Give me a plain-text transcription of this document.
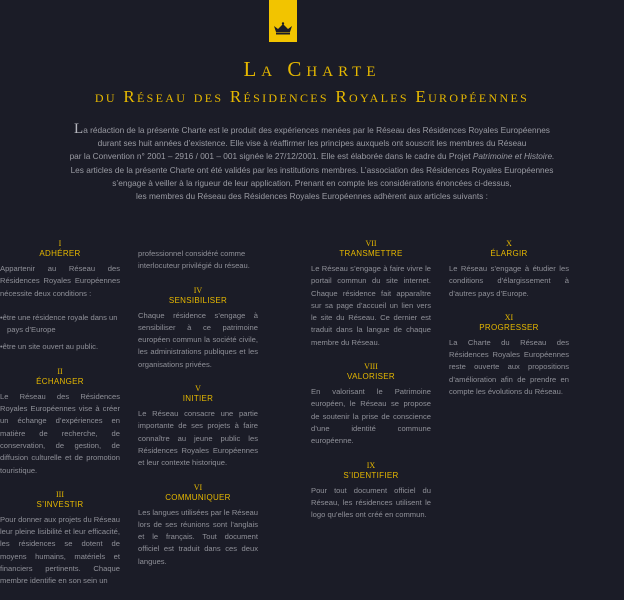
La Charte
du Réseau des Résidences Royales Européennes

La rédaction de la présente Charte est le produit des expériences menées par le Réseau des Résidences Royales Européennes
durant ses huit années d’existence. Elle vise à réaffirmer les principes auxquels ont souscrit les membres du Réseau
par la Convention n° 2001 – 2916 / 001 – 001 signée le 27/12/2001. Elle est élaborée dans le cadre du Projet Patrimoine et Histoire.
Les articles de la présente Charte ont été validés par les institutions membres. L’association des Résidences Royales Européennes
s’engage à veiller à la rigueur de leur application. Prenant en compte les considérations énoncées ci-dessus,
les membres du Réseau des Résidences Royales Européennes adhèrent aux articles suivants :

I
ADHÉRER

Appartenir au Réseau des Résidences Royales Européennes nécessite deux conditions :

• être une résidence royale dans un pays d’Europe
• être un site ouvert au public.
II
ÉCHANGER

Le Réseau des Résidences Royales Européennes vise à créer un échange d’expériences en matière de recherche, de conservation, de gestion, de diffusion culturelle et de promotion touristique.

III
S’INVESTIR

Pour donner aux projets du Réseau leur pleine lisibilité et leur efficacité, les résidences se dotent de moyens humains, matériels et financiers pertinents. Chaque membre identifie en son sein un

professionnel considéré comme interlocuteur privilégié du réseau.

IV
SENSIBILISER

Chaque résidence s’engage à sensibiliser à ce patrimoine européen commun la société civile, les administrations publiques et les organisations privées.

V
INITIER

Le Réseau consacre une partie importante de ses projets à faire connaître au jeune public les Résidences Royales Européennes et leur contexte historique.

VI
COMMUNIQUER

Les langues utilisées par le Réseau lors de ses réunions sont l’anglais et le français. Tout document officiel est traduit dans ces deux langues.

VII
TRANSMETTRE

Le Réseau s’engage à faire vivre le portail commun du site internet. Chaque résidence fait apparaître sur sa page d’accueil un lien vers le site du Réseau. Ce dernier est traduit dans la langue de chaque membre du Réseau.

VIII
VALORISER

En valorisant le Patrimoine européen, le Réseau se propose de soutenir la prise de conscience d’une identité commune européenne.

IX
S’IDENTIFIER

Pour tout document officiel du Réseau, les résidences utilisent le logo qu’elles ont créé en commun.

X
ÉLARGIR

Le Réseau s’engage à étudier les conditions d’élargissement à d’autres pays d’Europe.

XI
PROGRESSER

La Charte du Réseau des Résidences Royales Européennes reste ouverte aux propositions d’amélioration afin de prendre en compte les évolutions du Réseau.
